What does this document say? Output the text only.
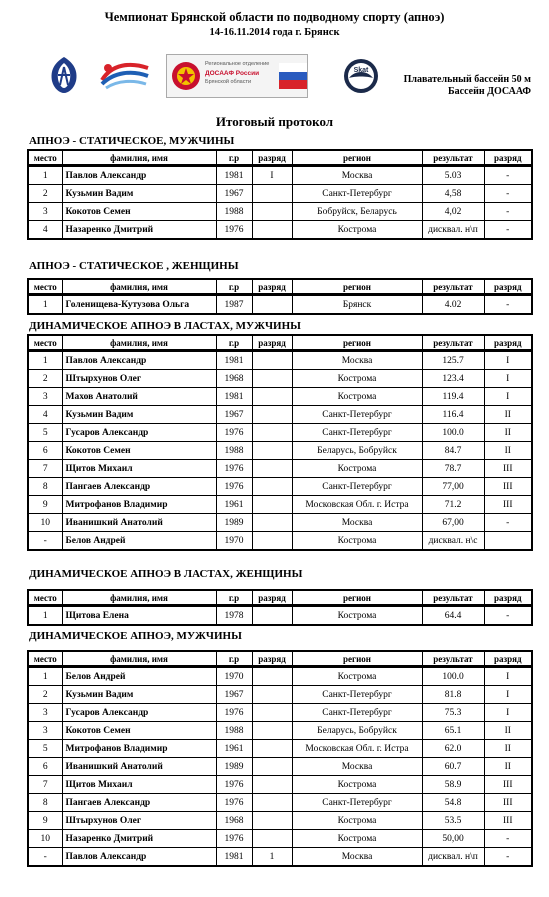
Чемпионат Брянской области по подводному спорту (апноэ)
14-16.11.2014 года г. Брянск
Региональное отделение
ДОСААФ России
Брянской области
Skat
Плавательный бассейн 50 м
Бассейн ДОСААФ
Итоговый протокол
АПНОЭ - СТАТИЧЕСКОЕ, МУЖЧИНЫ
место	фамилия, имя	г.р	разряд	регион	результат	разряд
1	Павлов Александр	1981	I	Москва	5.03	-
2	Кузьмин Вадим	1967		Санкт-Петербург	4,58	-
3	Кокотов Семен	1988		Бобруйск, Беларусь	4,02	-
4	Назаренко Дмитрий	1976		Кострома	дисквал. н\п	-
АПНОЭ - СТАТИЧЕСКОЕ , ЖЕНЩИНЫ
место	фамилия, имя	г.р	разряд	регион	результат	разряд
1	Голенищева-Кутузова Ольга	1987		Брянск	4.02	-
ДИНАМИЧЕСКОЕ АПНОЭ В ЛАСТАХ, МУЖЧИНЫ
место	фамилия, имя	г.р	разряд	регион	результат	разряд
1	Павлов Александр	1981		Москва	125.7	I
2	Штырхунов Олег	1968		Кострома	123.4	I
3	Махов Анатолий	1981		Кострома	119.4	I
4	Кузьмин Вадим	1967		Санкт-Петербург	116.4	II
5	Гусаров Александр	1976		Санкт-Петербург	100.0	II
6	Кокотов Семен	1988		Беларусь, Бобруйск	84.7	II
7	Щитов Михаил	1976		Кострома	78.7	III
8	Пангаев Александр	1976		Санкт-Петербург	77,00	III
9	Митрофанов Владимир	1961		Московская Обл. г. Истра	71.2	III
10	Иванишкий Анатолий	1989		Москва	67,00	-
-	Белов Андрей	1970		Кострома	дисквал. н\с	
ДИНАМИЧЕСКОЕ АПНОЭ В ЛАСТАХ, ЖЕНЩИНЫ
место	фамилия, имя	г.р	разряд	регион	результат	разряд
1	Щитова Елена	1978		Кострома	64.4	-
ДИНАМИЧЕСКОЕ АПНОЭ, МУЖЧИНЫ
место	фамилия, имя	г.р	разряд	регион	результат	разряд
1	Белов Андрей	1970		Кострома	100.0	I
2	Кузьмин Вадим	1967		Санкт-Петербург	81.8	I
3	Гусаров Александр	1976		Санкт-Петербург	75.3	I
3	Кокотов Семен	1988		Беларусь, Бобруйск	65.1	II
5	Митрофанов Владимир	1961		Московская Обл. г. Истра	62.0	II
6	Иванишкий Анатолий	1989		Москва	60.7	II
7	Щитов Михаил	1976		Кострома	58.9	III
8	Пангаев Александр	1976		Санкт-Петербург	54.8	III
9	Штырхунов Олег	1968		Кострома	53.5	III
10	Назаренко Дмитрий	1976		Кострома	50,00	-
-	Павлов Александр	1981	1	Москва	дисквал. н\п	-
